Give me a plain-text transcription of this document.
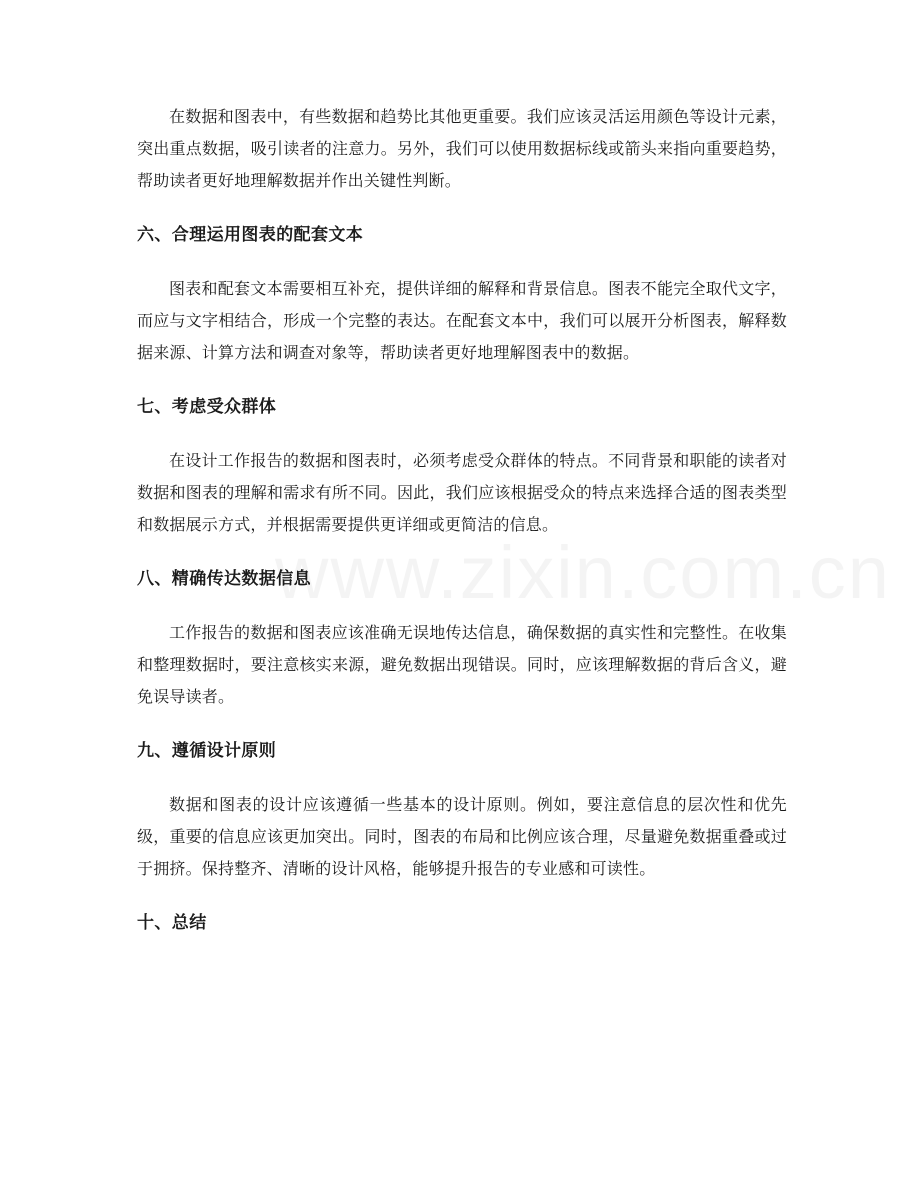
在数据和图表中，有些数据和趋势比其他更重要。我们应该灵活运用颜色等设计元素，突出重点数据，吸引读者的注意力。另外，我们可以使用数据标线或箭头来指向重要趋势，帮助读者更好地理解数据并作出关键性判断。

六、合理运用图表的配套文本

图表和配套文本需要相互补充，提供详细的解释和背景信息。图表不能完全取代文字，而应与文字相结合，形成一个完整的表达。在配套文本中，我们可以展开分析图表，解释数据来源、计算方法和调查对象等，帮助读者更好地理解图表中的数据。

七、考虑受众群体

在设计工作报告的数据和图表时，必须考虑受众群体的特点。不同背景和职能的读者对数据和图表的理解和需求有所不同。因此，我们应该根据受众的特点来选择合适的图表类型和数据展示方式，并根据需要提供更详细或更简洁的信息。

八、精确传达数据信息

工作报告的数据和图表应该准确无误地传达信息，确保数据的真实性和完整性。在收集和整理数据时，要注意核实来源，避免数据出现错误。同时，应该理解数据的背后含义，避免误导读者。

九、遵循设计原则

数据和图表的设计应该遵循一些基本的设计原则。例如，要注意信息的层次性和优先级，重要的信息应该更加突出。同时，图表的布局和比例应该合理，尽量避免数据重叠或过于拥挤。保持整齐、清晰的设计风格，能够提升报告的专业感和可读性。

十、总结
